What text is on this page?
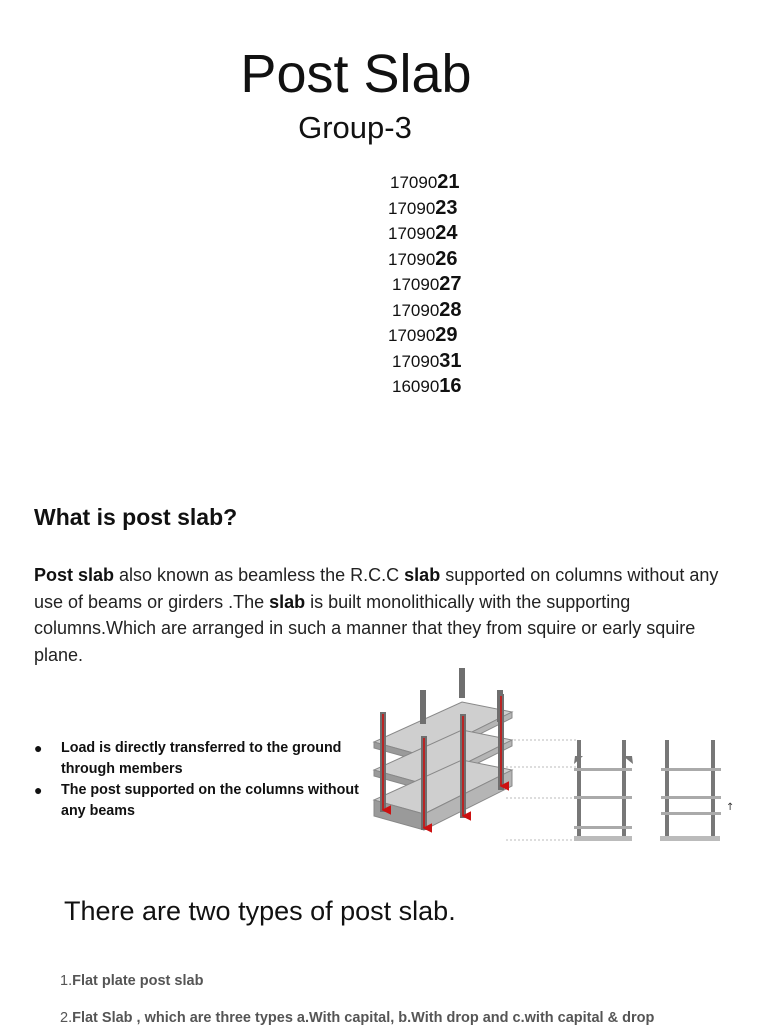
Post Slab
Group-3
1709021
1709023
1709024
1709026
1709027
1709028
1709029
1709031
1609016
What is post slab?
Post slab also known as beamless the R.C.C slab supported on columns without any use of beams or girders .The slab is built monolithically with the supporting columns.Which are arranged in such a manner that they from squire or early squire plane.
● Load is directly transferred to the ground through members
● The post supported on the columns without any beams	↑
There are two types of post slab.
1.Flat plate post slab
2.Flat Slab , which are three types a.With capital, b.With drop and c.with capital & drop
